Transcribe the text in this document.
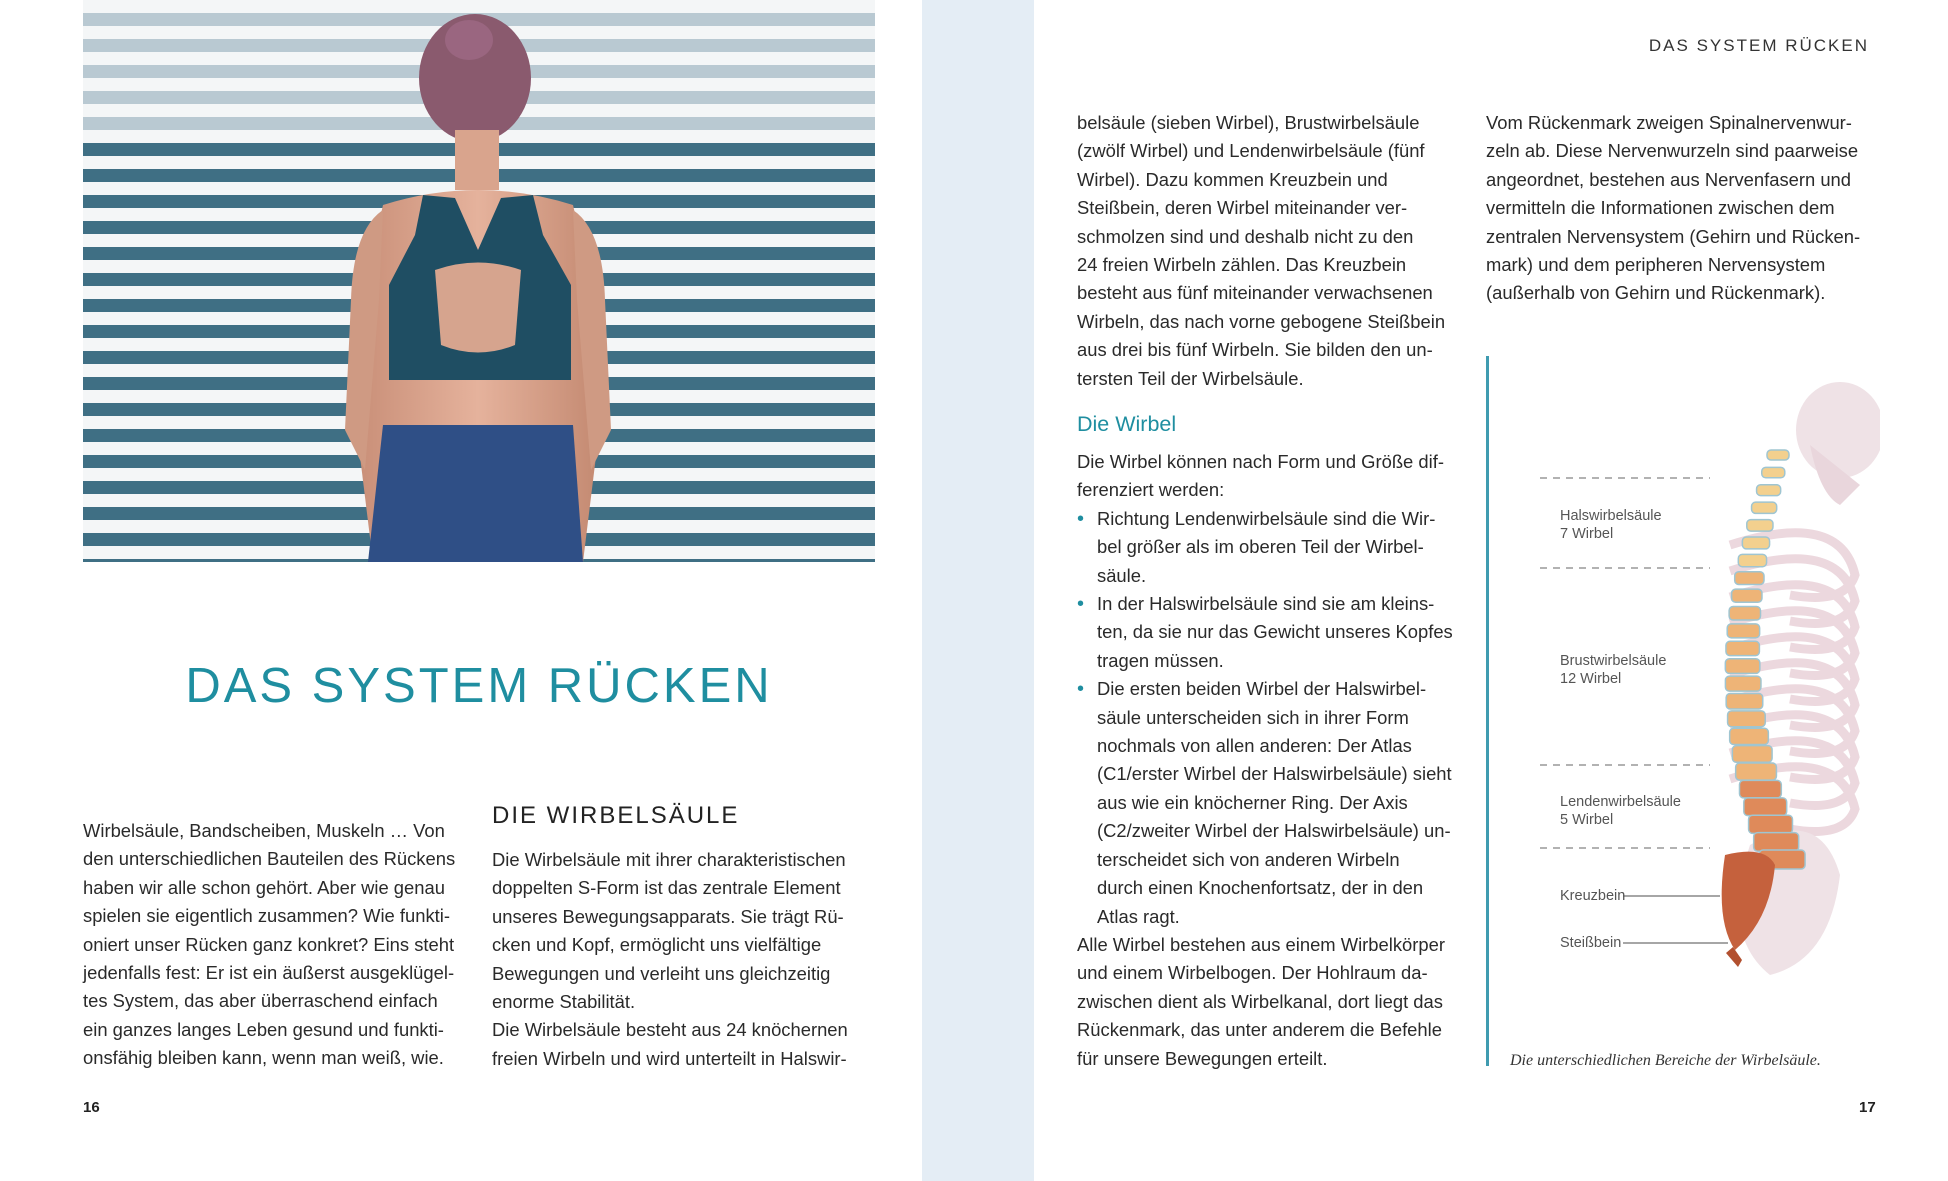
DAS SYSTEM RÜCKEN
Wirbelsäule, Bandscheiben, Muskeln … Von
den unterschiedlichen Bauteilen des Rückens
haben wir alle schon gehört. Aber wie genau
spielen sie eigentlich zusammen? Wie funkti-
oniert unser Rücken ganz konkret? Eins steht
jedenfalls fest: Er ist ein äußerst ausgeklügel-
tes System, das aber überraschend einfach
ein ganzes langes Leben gesund und funkti-
onsfähig bleiben kann, wenn man weiß, wie.
DIE WIRBELSÄULE
Die Wirbelsäule mit ihrer charakteristischen
doppelten S-Form ist das zentrale Element
unseres Bewegungsapparats. Sie trägt Rü-
cken und Kopf, ermöglicht uns vielfältige
Bewegungen und verleiht uns gleichzeitig
enorme Stabilität.
Die Wirbelsäule besteht aus 24 knöchernen
freien Wirbeln und wird unterteilt in Halswir-
16
DAS SYSTEM RÜCKEN
belsäule (sieben Wirbel), Brustwirbelsäule
(zwölf Wirbel) und Lendenwirbelsäule (fünf
Wirbel). Dazu kommen Kreuzbein und
Steißbein, deren Wirbel miteinander ver-
schmolzen sind und deshalb nicht zu den
24 freien Wirbeln zählen. Das Kreuzbein
besteht aus fünf miteinander verwachsenen
Wirbeln, das nach vorne gebogene Steißbein
aus drei bis fünf Wirbeln. Sie bilden den un-
tersten Teil der Wirbelsäule.
Die Wirbel
Die Wirbel können nach Form und Größe dif-
ferenziert werden:
• Richtung Lendenwirbelsäule sind die Wir-
bel größer als im oberen Teil der Wirbel-
säule.
• In der Halswirbelsäule sind sie am kleins-
ten, da sie nur das Gewicht unseres Kopfes
tragen müssen.
• Die ersten beiden Wirbel der Halswirbel-
säule unterscheiden sich in ihrer Form
nochmals von allen anderen: Der Atlas
(C1/erster Wirbel der Halswirbelsäule) sieht
aus wie ein knöcherner Ring. Der Axis
(C2/zweiter Wirbel der Halswirbelsäule) un-
terscheidet sich von anderen Wirbeln
durch einen Knochenfortsatz, der in den
Atlas ragt.
Alle Wirbel bestehen aus einem Wirbelkörper
und einem Wirbelbogen. Der Hohlraum da-
zwischen dient als Wirbelkanal, dort liegt das
Rückenmark, das unter anderem die Befehle
für unsere Bewegungen erteilt.
Vom Rückenmark zweigen Spinalnervenwur-
zeln ab. Diese Nervenwurzeln sind paarweise
angeordnet, bestehen aus Nervenfasern und
vermitteln die Informationen zwischen dem
zentralen Nervensystem (Gehirn und Rücken-
mark) und dem peripheren Nervensystem
(außerhalb von Gehirn und Rückenmark).
Halswirbelsäule
7 Wirbel
Brustwirbelsäule
12 Wirbel
Lendenwirbelsäule
5 Wirbel
Kreuzbein
Steißbein
Die unterschiedlichen Bereiche der Wirbelsäule.
17
